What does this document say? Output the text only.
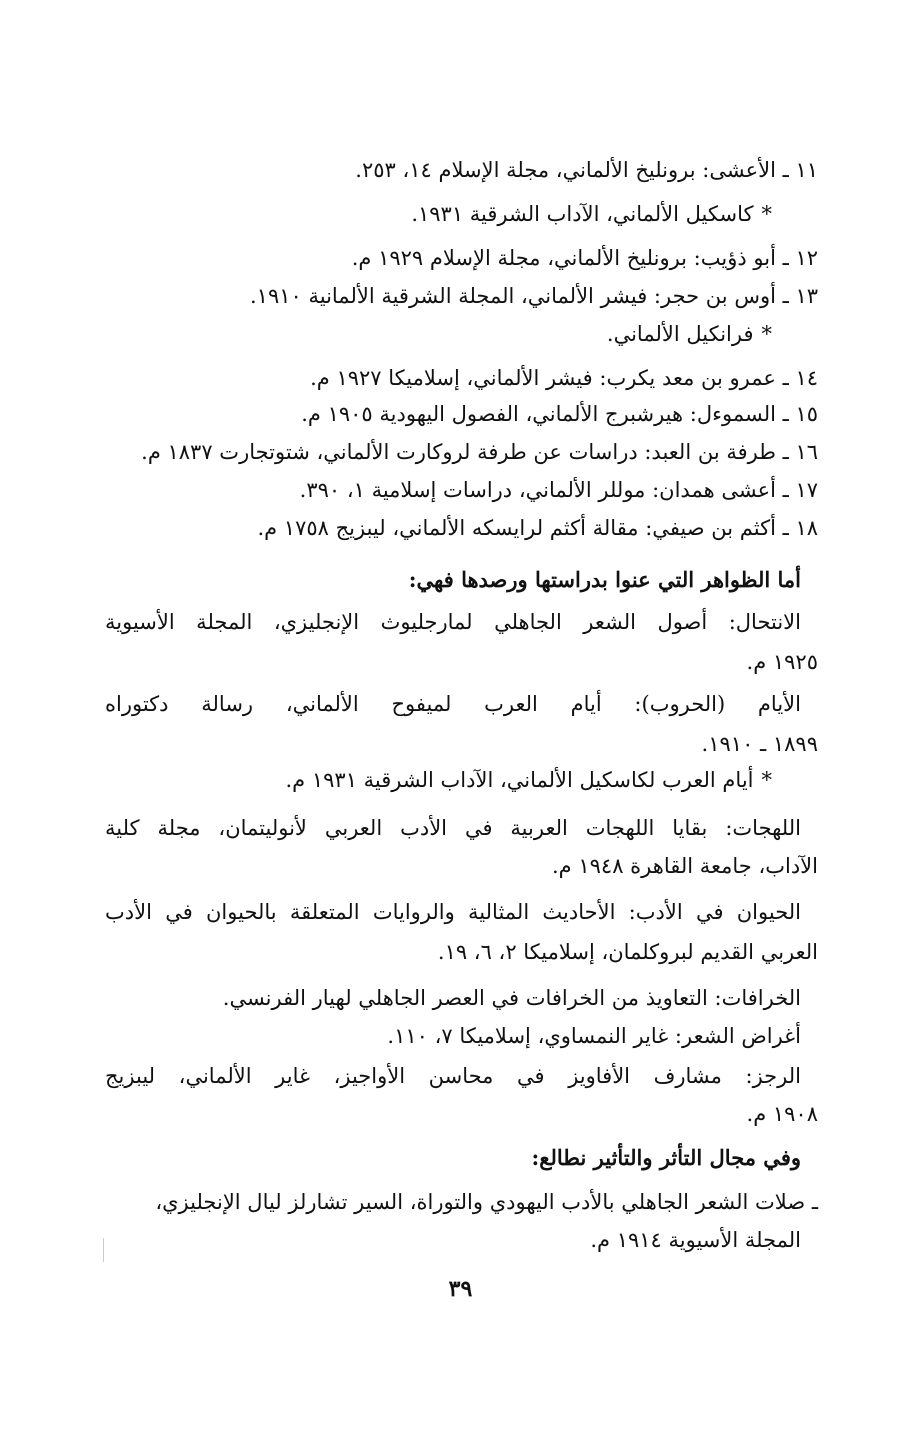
١١ ـ الأعشى: برونليخ الألماني، مجلة الإسلام ١٤، ٢٥٣.
*كاسكيل الألماني، الآداب الشرقية ١٩٣١.
١٢ ـ أبو ذؤيب: برونليخ الألماني، مجلة الإسلام ١٩٢٩ م.
١٣ ـ أوس بن حجر: فيشر الألماني، المجلة الشرقية الألمانية ١٩١٠.
*فرانكيل الألماني.
١٤ ـ عمرو بن معد يكرب: فيشر الألماني، إسلاميكا ١٩٢٧ م.
١٥ ـ السموءل: هيرشبرج الألماني، الفصول اليهودية ١٩٠٥ م.
١٦ ـ طرفة بن العبد: دراسات عن طرفة لروكارت الألماني، شتوتجارت ١٨٣٧ م.
١٧ ـ أعشى همدان: موللر الألماني، دراسات إسلامية ١، ٣٩٠.
١٨ ـ أكثم بن صيفي: مقالة أكثم لرايسكه الألماني، ليبزيج ١٧٥٨ م.
أما الظواهر التي عنوا بدراستها ورصدها فهي:
الانتحال: أصول الشعر الجاهلي لمارجليوث الإنجليزي، المجلة الأسيوية
١٩٢٥ م.
الأيام (الحروب): أيام العرب لميفوح الألماني، رسالة دكتوراه
١٨٩٩ ـ ١٩١٠.
*أيام العرب لكاسكيل الألماني، الآداب الشرقية ١٩٣١ م.
اللهجات: بقايا اللهجات العربية في الأدب العربي لأنوليتمان، مجلة كلية
الآداب، جامعة القاهرة ١٩٤٨ م.
الحيوان في الأدب: الأحاديث المثالية والروايات المتعلقة بالحيوان في الأدب
العربي القديم لبروكلمان، إسلاميكا ٢، ٦، ١٩.
الخرافات: التعاويذ من الخرافات في العصر الجاهلي لهيار الفرنسي.
أغراض الشعر: غاير النمساوي، إسلاميكا ٧، ١١٠.
الرجز: مشارف الأفاويز في محاسن الأواجيز، غاير الألماني، ليبزيج
١٩٠٨ م.
وفي مجال التأثر والتأثير نطالع:
ـ صلات الشعر الجاهلي بالأدب اليهودي والتوراة، السير تشارلز ليال الإنجليزي،
المجلة الأسيوية ١٩١٤ م.
٣٩
